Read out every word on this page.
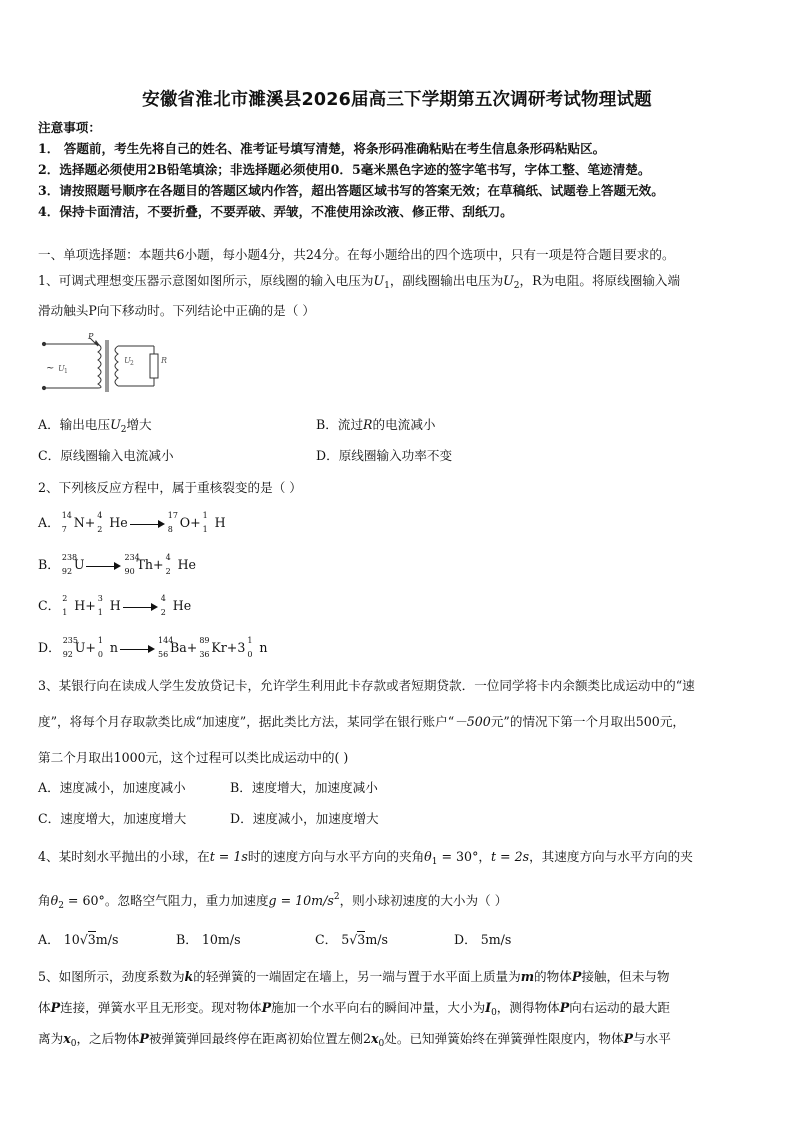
安徽省淮北市濉溪县2026届高三下学期第五次调研考试物理试题
注意事项：
1． 答题前，考生先将自己的姓名、准考证号填写清楚，将条形码准确粘贴在考生信息条形码粘贴区。
2．选择题必须使用2B铅笔填涂；非选择题必须使用0．5毫米黑色字迹的签字笔书写，字体工整、笔迹清楚。
3．请按照题号顺序在各题目的答题区域内作答，超出答题区域书写的答案无效；在草稿纸、试题卷上答题无效。
4．保持卡面清洁，不要折叠，不要弄破、弄皱，不准使用涂改液、修正带、刮纸刀。
一、单项选择题：本题共6小题，每小题4分，共24分。在每小题给出的四个选项中，只有一项是符合题目要求的。
1、可调式理想变压器示意图如图所示，原线圈的输入电压为$U_1$，副线圈输出电压为$U_2$，R为电阻。将原线圈输入端
滑动触头P向下移动时。下列结论中正确的是（ ）
P
~ U 1
U 2	R
A．输出电压$U_2$增大	B．流过R的电流减小
C．原线圈输入电流减小	D．原线圈输入功率不变
2、下列核反应方程中，属于重核裂变的是（ ）
A． 14
7 N+ 4
2 He	17
8 O+ 1
1 H
B． 238
92 U	234
90 Th+ 4
2 He
C． 2
1 H+ 3
1 H	4
2 He
D． 235
92 U+ 1
0 n	144
56 Ba+ 89
36 Kr+3 1
0 n
3、某银行向在读成人学生发放贷记卡，允许学生利用此卡存款或者短期贷款．一位同学将卡内余额类比成运动中的“速
度”，将每个月存取款类比成“加速度”，据此类比方法，某同学在银行账户“－500元”的情况下第一个月取出500元，
第二个月取出1000元，这个过程可以类比成运动中的( )
A．速度减小，加速度减小	B．速度增大，加速度减小
C．速度增大，加速度增大	D．速度减小，加速度增大
4、某时刻水平抛出的小球，在t = 1s时的速度方向与水平方向的夹角$\theta_1 = 30^\circ$，t = 2s，其速度方向与水平方向的夹
角$\theta_2 = 60^\circ$。忽略空气阻力，重力加速度$g = 10m/s^2$，则小球初速度的大小为（ ）
A． 10√3m/s	B． 10m/s	C． 5√3m/s	D． 5m/s
5、如图所示，劲度系数为k的轻弹簧的一端固定在墙上，另一端与置于水平面上质量为m的物体P接触，但未与物
体P连接，弹簧水平且无形变。现对物体P施加一个水平向右的瞬间冲量，大小为$I_0$，测得物体P向右运动的最大距
离为$x_0$，之后物体P被弹簧弹回最终停在距离初始位置左侧$2x_0$处。已知弹簧始终在弹簧弹性限度内，物体P与水平
